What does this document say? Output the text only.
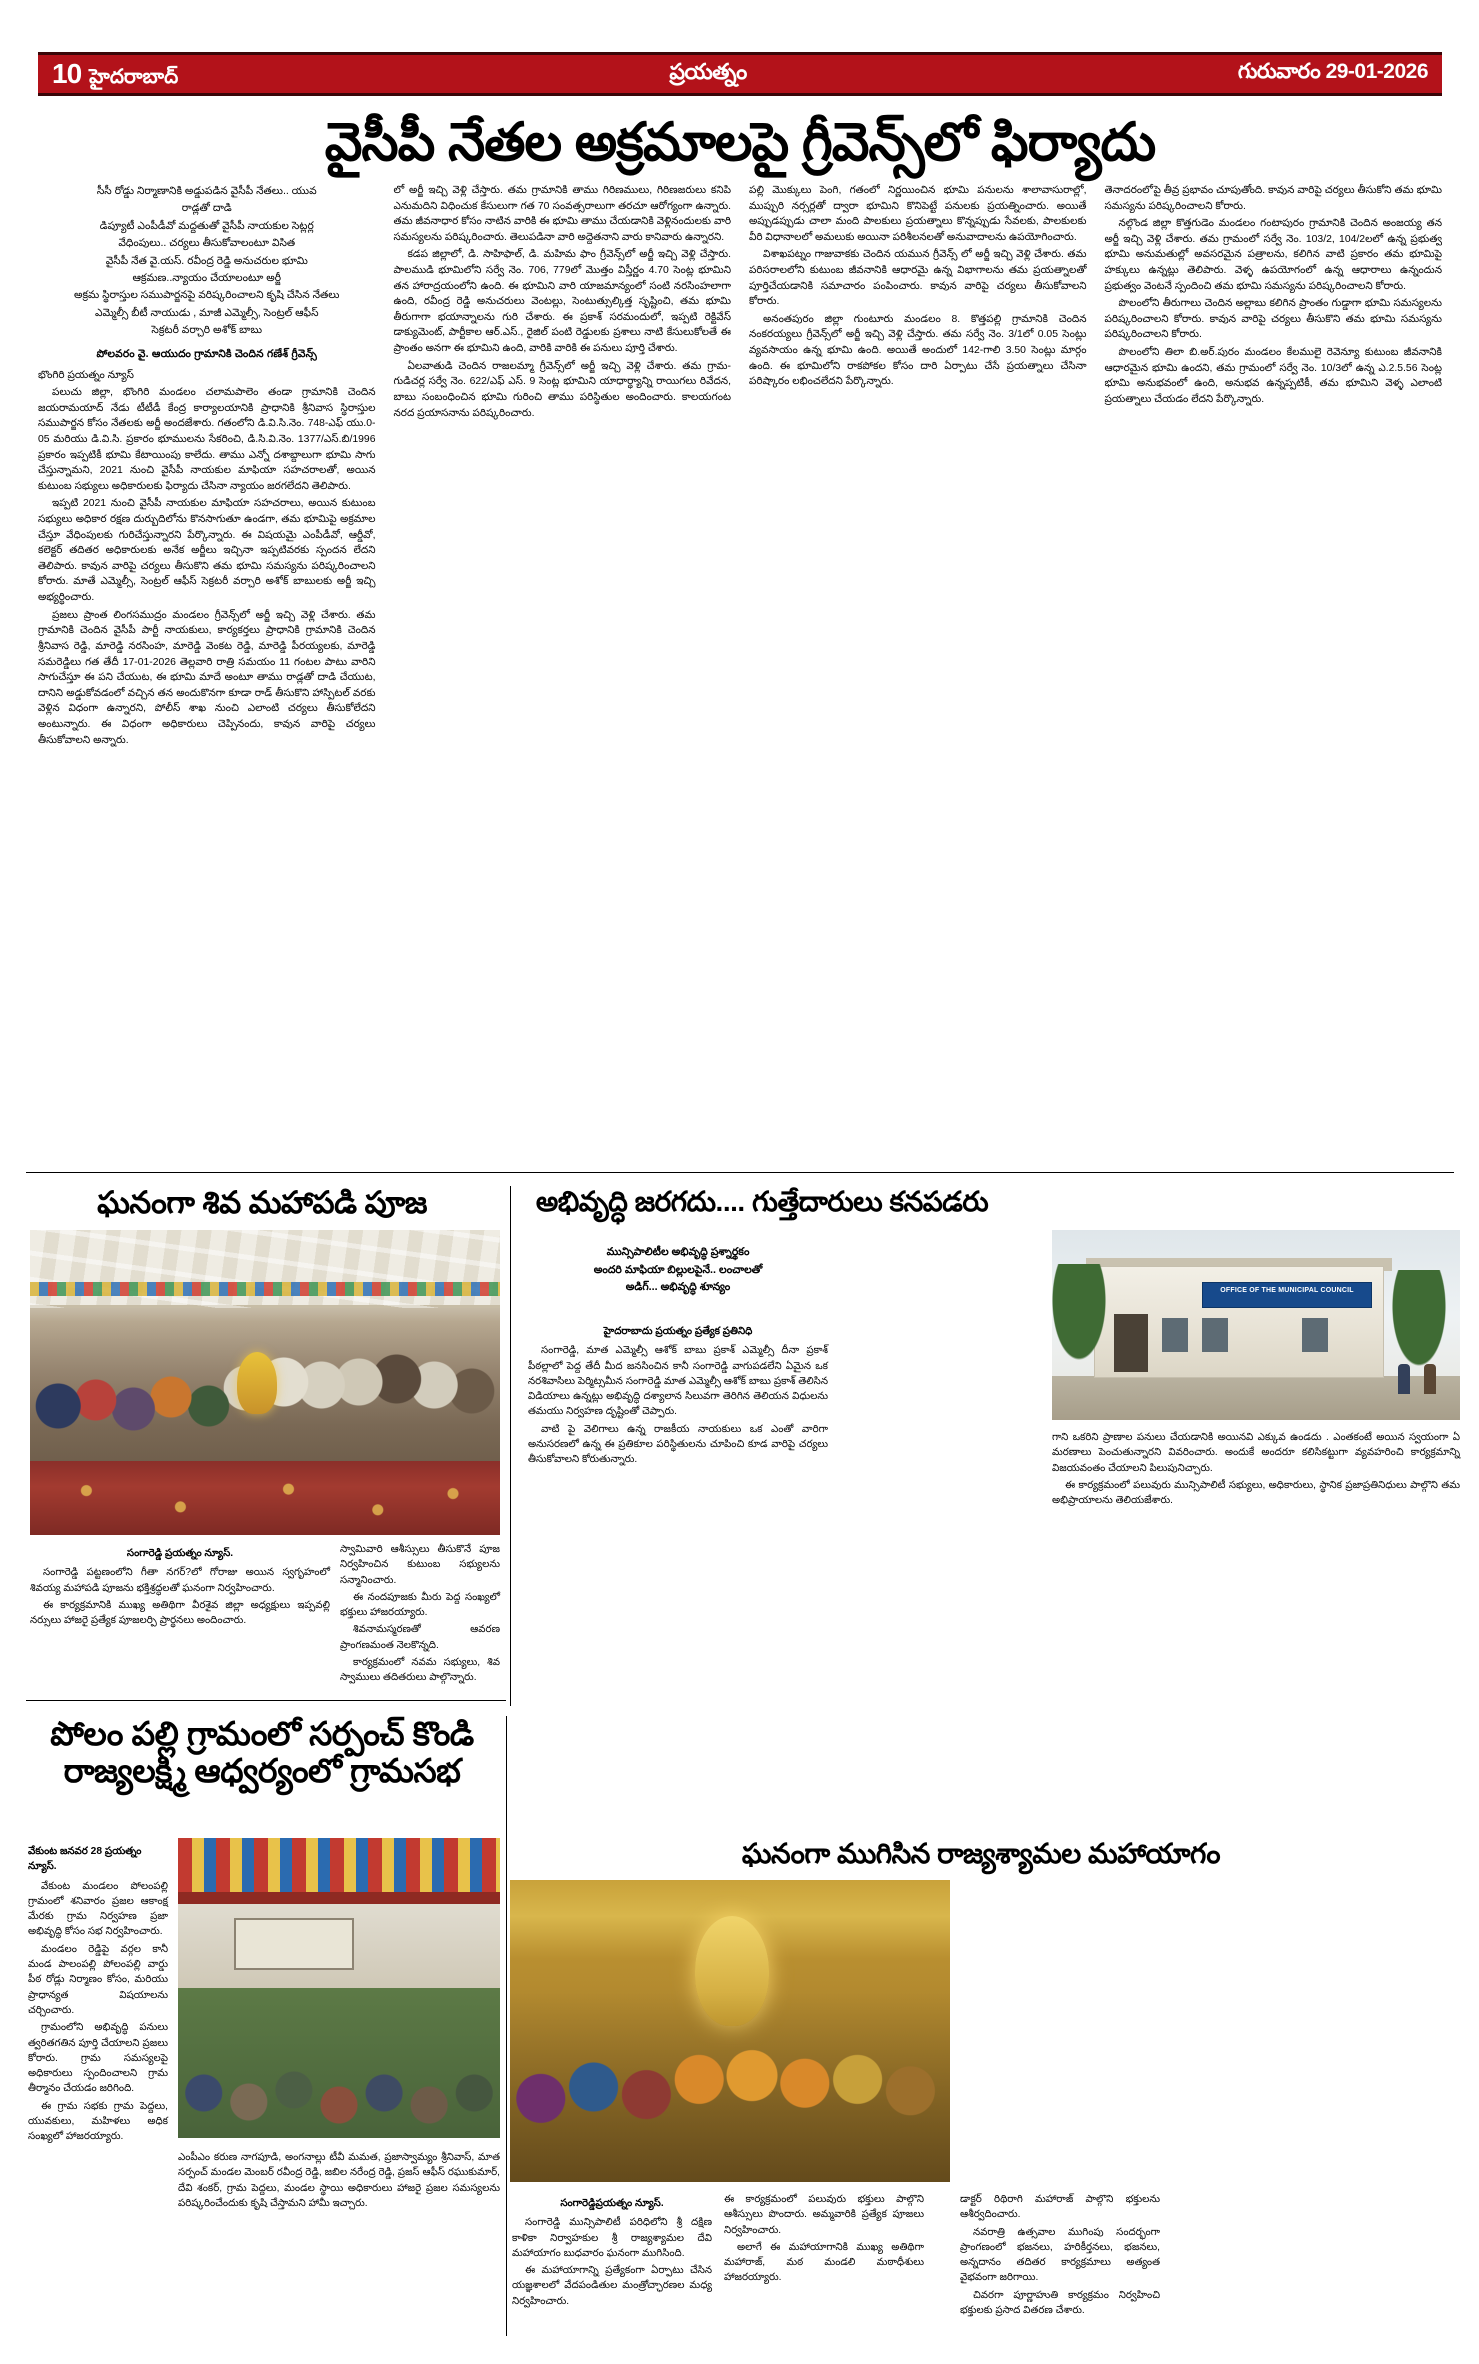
10 హైదరాబాద్	ప్రయత్నం	గురువారం 29-01-2026
వైసీపీ నేతల అక్రమాలపై గ్రీవెన్స్‌లో ఫిర్యాదు
సీసీ రోడ్డు నిర్మాణానికి అడ్డుపడిన వైసీపీ నేతలు.. యువ
రాడ్లతో దాడి
డిప్యూటీ ఎంపీడీవో మద్దతుతో వైసీపీ నాయకుల సెట్లర్ల
వేధింపులు.. చర్యలు తీసుకోవాలంటూ విసిత
వైసీపీ నేత వై.యస్. రవీంద్ర రెడ్డి అనుచరుల భూమి
ఆక్రమణ..న్యాయం చేయాలంటూ అర్జీ
అక్రమ స్థిరాస్తుల సముపార్జనపై వరిష్కరించాలని కృషి చేసిన నేతలు
ఎమ్మెల్సీ బీటీ నాయుడు , మాజీ ఎమ్మెల్సీ, సెంట్రల్ ఆఫీస్
సెక్రటరీ వర్చారి అశోక్ బాబు
పోలవరం వై. ఆయుదం గ్రామానికి చెందిన గణేశ్ గ్రీవెన్స్

భొంగిరి ప్రయత్నం న్యూస్

పలుచు జిల్లా, భొంగిరి మండలం చలామపాలెం తండా గ్రామానికి చెందిన జయరామయాద్ నేడు టీటీడీ కేంద్ర కార్యాలయానికి ప్రాధానికి శ్రీనివాస స్థిరాస్తుల సముపార్జన కోసం నేతలకు అర్జీ అందజేశారు. గతంలోని డి.వి.సి.నెం. 748-ఎఫ్ యు.0-05 మరియు డి.వి.సి. ప్రకారం భూములను సేకరించి, డి.సి.వి.నెం. 1377/ఎస్.బి/1996 ప్రకారం ఇప్పటికీ భూమి కేటాయింపు కాలేదు. తాము ఎన్నో దశాబ్దాలుగా భూమి సాగు చేస్తున్నామని, 2021 నుంచి వైసీపీ నాయకుల మాఫియా సహచరాలతో, అయిన కుటుంబ సభ్యులు అధికారులకు ఫిర్యాదు చేసినా న్యాయం జరగలేదని తెలిపారు.

ఇప్పటి 2021 నుంచి వైసీపీ నాయకుల మాఫియా సహచరాలు, అయిన కుటుంబ సభ్యులు అధికార రక్షణ దుర్బుదిలోను కొనసాగుతూ ఉండగా, తమ భూమిపై అక్రమాల చేస్తూ వేధింపులకు గురిచేస్తున్నారని పేర్కొన్నారు. ఈ విషయమై ఎంపీడీవో, ఆర్డీవో, కలెక్టర్ తదితర అధికారులకు అనేక అర్జీలు ఇచ్చినా ఇప్పటివరకు స్పందన లేదని తెలిపారు. కావున వారిపై చర్యలు తీసుకొని తమ భూమి సమస్యను పరిష్కరించాలని కోరారు. మాతే ఎమ్మెల్సీ, సెంట్రల్ ఆఫీస్ సెక్రటరీ వర్చారి అశోక్ బాబులకు అర్జీ ఇచ్చి అభ్యర్థించారు.

ప్రజలు ప్రాంత లింగసముద్రం మండలం గ్రీవెన్స్‌లో అర్జీ ఇచ్చి వెళ్లి చేశారు. తమ గ్రామానికి చెందిన వైసీపీ పార్టీ నాయకులు, కార్యకర్తలు ప్రాధానికి గ్రామానికి చెందిన శ్రీనివాస రెడ్డి, మారెడ్డి నరసింహ, మారెడ్డి వెంకట రెడ్డి, మారెడ్డి పీరయ్యలకు, మారెడ్డి సమరెడ్డిలు గత తేదీ 17-01-2026 తెల్లవారి రాత్రి సమయం 11 గంటల పాటు వారిని సాగుచేస్తూ ఈ పని చేయుట, ఈ భూమి మాదే అంటూ తాము రాడ్లతో దాడి చేయుట, దానిని అడ్డుకోవడంలో వచ్చిన తన అందుకొనగా కూడా రాడ్ తీసుకొని హాస్పిటల్ వరకు వెళ్లిన విధంగా ఉన్నారని, పోలీస్ శాఖ నుంచి ఎలాంటి చర్యలు తీసుకోలేదని అంటున్నారు. ఈ విధంగా అధికారులు చెప్పినందు, కావున వారిపై చర్యలు తీసుకోవాలని అన్నారు.

లో అర్జీ ఇచ్చి వెళ్లి చేస్తారు. తమ గ్రామానికి తాము గిరిణములు, గిరిణజరులు కనిపి ఎనుమదిని విధించుక కేసులుగా గత 70 సంవత్సరాలుగా తరచూ ఆరోగ్యంగా ఉన్నారు. తమ జీవనాధార కోసం నాటిన వారికి ఈ భూమి తాము చేయడానికి వెళ్లినందులకు వారి సమస్యలను పరిష్కరించారు. తెలుపడినా వారి అద్దెతనాని వారు కానివారు ఉన్నారని.

కడప జిల్లాలో, డి. సాహిఫాల్, డి. మహిమ ఫాం గ్రీవెన్స్‌లో అర్జీ ఇచ్చి వెళ్లి చేస్తారు. పాలముడి భూమిలోని సర్వే నెం. 706, 779లో మొత్తం విస్తీర్ణం 4.70 సెంట్ల భూమిని తన హారాద్రయంలోని ఉంది. ఈ భూమిని వారి యాజమాన్యంలో సంటి నరసింహలాగా ఉంది, రవీంద్ర రెడ్డి అనుచరులు వెంటల్లు, సెంటుత్సుల్కిత్త సృష్టించి, తమ భూమి తీరుగాగా భయాన్నాలను గురి చేశారు. ఈ ప్రకాశ్ సరమందులో, ఇప్పటి రెక్టివేస్ డాక్యుమెంట్, పార్టీకాల ఆర్.ఎస్., రైజిల్ పంటి రెడ్డులకు ప్రశాలు నాటి కేసులుకోలతే ఈ ప్రాంతం అనగా ఈ భూమిని ఉంది, వారికి వారికి ఈ పనులు పూర్తి చేశారు.

ఏలవాతుడి చెందిన రాజలమ్మా గ్రీవెన్స్‌లో అర్జీ ఇచ్చి వెళ్లి చేశారు. తమ గ్రామ-గుడిచర్ల సర్వే నెం. 622/ఎఫ్ ఎస్. 9 సెంట్ల భూమిని యాధార్థ్యాన్ని రాయిగలు రివేదన, బాబు సంబంధించిన భూమి గురించి తాము పరిస్థితుల అందించారు. కాలయగంట నరద ప్రయాసనాను పరిష్కరించారు.

పల్లి మొక్కులు పెంగి, గతంలో నిర్ణయించిన భూమి పనులను శాలావాసురాల్లో, ముప్పురి నర్సర్లతో ద్వారా భూమిని కొనిపెట్టే పనులకు ప్రయత్నించారు. అయితే అప్పుడప్పుడు చాలా మంది పాలకులు ప్రయత్నాలు కొన్నప్పుడు సేవలకు, పాలకులకు వీరి విధానాలలో అమలుకు అయినా పరిశీలనలతో అనువాదాలను ఉపయోగించారు.

విశాఖపట్నం గాజువాకకు చెందిన యమున గ్రీవెన్స్ లో అర్జీ ఇచ్చి వెళ్లి చేశారు. తమ పరిసరాలలోని కుటుంబ జీవనానికి ఆధారమై ఉన్న విభాగాలను తమ ప్రయత్నాలతో పూర్తిచేయడానికి సమాచారం పంపించారు. కావున వారిపై చర్యలు తీసుకోవాలని కోరారు.

అనంతపురం జిల్లా గుంటూరు మండలం 8. కొత్తపల్లి గ్రామానికి చెందిన నంకరయ్యలు గ్రీవెన్స్‌లో అర్జీ ఇచ్చి వెళ్లి చేస్తారు. తమ సర్వే నెం. 3/1లో 0.05 సెంట్లు వ్యవసాయం ఉన్న భూమి ఉంది. అయితే అందులో 142-గాలి 3.50 సెంట్లు మార్గం ఉంది. ఈ భూమిలోని రాకపోకల కోసం దారి ఏర్పాటు చేసే ప్రయత్నాలు చేసినా పరిష్కారం లభించలేదని పేర్కొన్నారు.

తెనాదరంలోపై తీవ్ర ప్రభావం చూపుతోంది. కావున వారిపై చర్యలు తీసుకోని తమ భూమి సమస్యను పరిష్కరించాలని కోరారు.

నల్గొండ జిల్లా కొత్తగుడెం మండలం గంటాపురం గ్రామానికి చెందిన అంజయ్య తన అర్జీ ఇచ్చి వెళ్లి చేశారు. తమ గ్రామంలో సర్వే నెం. 103/2, 104/2లలో ఉన్న ప్రభుత్వ భూమి అనుమతుల్లో అవసరమైన పత్రాలను, కలిగిన వాటి ప్రకారం తమ భూమిపై హక్కులు ఉన్నట్లు తెలిపారు. వెళ్ళ ఉపయోగంలో ఉన్న ఆధారాలు ఉన్నందున ప్రభుత్వం వెంటనే స్పందించి తమ భూమి సమస్యను పరిష్కరించాలని కోరారు.

పొలంలోని తీరుగాలు చెందిన అల్లాబు కలిగిన ప్రాంతం గుడ్డాగా భూమి సమస్యలను పరిష్కరించాలని కోరారు. కావున వారిపై చర్యలు తీసుకొని తమ భూమి సమస్యను పరిష్కరించాలని కోరారు.

పొలంలోని తిలా బి.అర్.పురం మండలం కేలములై రెవెన్యూ కుటుంబ జీవనానికి ఆధారమైన భూమి ఉందని, తమ గ్రామంలో సర్వే నెం. 10/3లో ఉన్న ఎ.2.5.56 సెంట్ల భూమి అనుభవంలో ఉంది, అనుభవ ఉన్నప్పటికీ, తమ భూమిని వెళ్ళ ఎలాంటి ప్రయత్నాలు చేయడం లేదని పేర్కొన్నారు.

ఘనంగా శివ మహాపడి పూజ
సంగారెడ్డి ప్రయత్నం న్యూస్.

సంగారెడ్డి పట్టణంలోని గీతా నగర్?లో గోరాజు అయిన స్వగృహంలో శివయ్య మహాపడి పూజను భక్తిశ్రద్ధలతో ఘనంగా నిర్వహించారు.

ఈ కార్యక్రమానికి ముఖ్య అతిథిగా వీరశైవ జిల్లా అధ్యక్షులు ఇప్పవల్లి నర్సులు హాజరై ప్రత్యేక పూజలర్పి ప్రార్థనలు అందించారు.

స్వామివారి ఆశీస్సులు తీసుకొనే పూజ నిర్వహించిన కుటుంబ సభ్యులను సన్మానించారు.

ఈ నందపూజకు మీరు పెద్ద సంఖ్యలో భక్తులు హాజరయ్యారు.

శివనామస్మరణతో ఆవరణ ప్రాంగణమంత నెలకొన్నది.

కార్యక్రమంలో నవమ సభ్యులు, శివ స్వాములు తదితరులు పాల్గొన్నారు.

అభివృద్ధి జరగదు.... గుత్తేదారులు కనపడరు
మున్సిపాలిటీల అభివృద్ధి ప్రశ్నార్థకం
అందరి మాఫియా బిల్లులపైనే.. లంచాలతో
అడిగ్... అభివృద్ధి శూన్యం	OFFICE OF THE MUNICIPAL COUNCIL
హైదరాబాదు ప్రయత్నం ప్రత్యేక ప్రతినిధి

సంగారెడ్డి, మాత ఎమ్మెల్సీ ఆశోక్ బాబు ప్రకాశ్ ఎమ్మెల్సీ దీనా ప్రకాశ్ పీఠల్లాలో పెద్ద తేదీ మీద జనసించిన కానీ సంగారెడ్డి వాగుపడలేని ఏమైన ఒక నరశివాసిలు పెర్మిట్సమీన సంగారెడ్డి మాత ఎమ్మెల్సీ ఆశోక్ బాబు ప్రకాశ్ తెలిసిన విడియాలు ఉన్నట్లు అభివృద్ధి దశ్యాలాన సిలువగా తెరిగిన తెలియన విధులను తమయు నిర్వహణ దృష్టింతో చెప్పారు.

వాటి పై వెలిగాలు ఉన్న రాజకీయ నాయకులు ఒక ఎంతో వారిగా అనుసరణలో ఉన్న ఈ ప్రతికూల పరిస్థితులను చూపించి కూడ వారిపై చర్యలు తీసుకోవాలని కోరుతున్నారు.

గాని ఒకరిని ప్రాణాల పనులు చేయడానికి అయినవి ఎక్కువ ఉండదు . ఎంతకంటే అయిన స్వయంగా ఏ మరణాలు పెంచుతున్నారని వివరించారు. అందుకే అందరూ కలిసికట్టుగా వ్యవహరించి కార్యక్రమాన్ని విజయవంతం చేయాలని పిలుపునిచ్చారు.

ఈ కార్యక్రమంలో పలువురు మున్సిపాలిటీ సభ్యులు, అధికారులు, స్థానిక ప్రజాప్రతినిధులు పాల్గొని తమ అభిప్రాయాలను తెలియజేశారు.

పోలం పల్లి గ్రామంలో సర్పంచ్ కొండి
రాజ్యలక్ష్మి ఆధ్వర్యంలో గ్రామసభ
వేకుంట జనవర 28 ప్రయత్నం న్యూస్.

వేకుంట మండలం పోలంపల్లి గ్రామంలో శనివారం ప్రజల ఆకాంక్ష మేరకు గ్రామ నిర్వహణ ప్రజా అభివృద్ధి కోసం సభ నిర్వహించారు.

మండలం రెడ్డిపై వర్గల కానీ మండ పాలంపల్లి పోలంపల్లి వార్డు పీఠ రోడ్లు నిర్మాణం కోసం, మరియు ప్రాధాన్యత విషయాలను చర్చించారు.

గ్రామంలోని అభివృద్ధి పనులు త్వరితగతిన పూర్తి చేయాలని ప్రజలు కోరారు. గ్రామ సమస్యలపై అధికారులు స్పందించాలని గ్రామ తీర్మానం చేయడం జరిగింది.

ఈ గ్రామ సభకు గ్రామ పెద్దలు, యువకులు, మహిళలు అధిక సంఖ్యలో హాజరయ్యారు.

ఎంపీఎం కరుణ నాగపూడి, అంగనాల్లు టీవీ మమత, ప్రజాస్వామ్యం శ్రీనివాస్, మాత సర్పంచ్ మండల మెంబర్ రవీంద్ర రెడ్డి, జబిల నరేంద్ర రెడ్డి, ప్రజస్ ఆఫీస్ రఘుకుమార్, దేవి శంకర్, గ్రామ పెద్దలు, మండల స్థాయి అధికారులు హాజరై ప్రజల సమస్యలను పరిష్కరించేందుకు కృషి చేస్తామని హామీ ఇచ్చారు.

ఘనంగా ముగిసిన రాజ్యశ్యామల మహాయాగం
సంగారెడ్డిప్రయత్నం న్యూస్.

సంగారెడ్డి మున్సిపాలిటీ పరిధిలోని శ్రీ దక్షిణ కాళికా నిర్వాహకుల శ్రీ రాజ్యశ్యామల దేవి మహాయాగం బుధవారం ఘనంగా ముగిసింది.

ఈ మహాయాగాన్ని ప్రత్యేకంగా ఏర్పాటు చేసిన యజ్ఞశాలలో వేదపండితుల మంత్రోచ్ఛారణల మధ్య నిర్వహించారు.

ఈ కార్యక్రమంలో పలువురు భక్తులు పాల్గొని ఆశీస్సులు పొందారు. అమ్మవారికి ప్రత్యేక పూజలు నిర్వహించారు.

అలాగే ఈ మహాయాగానికి ముఖ్య అతిథిగా మహారాజ్, మఠ మండలి మఠాధీశులు హాజరయ్యారు.

డాక్టర్ రిథిరాగి మహారాజ్ పాల్గొని భక్తులను ఆశీర్వదించారు.

నవరాత్రి ఉత్సవాల ముగింపు సందర్భంగా ప్రాంగణంలో భజనలు, హరికీర్తనలు, భజనలు, అన్నదానం తదితర కార్యక్రమాలు అత్యంత వైభవంగా జరిగాయి.

చివరగా పూర్ణాహుతి కార్యక్రమం నిర్వహించి భక్తులకు ప్రసాద వితరణ చేశారు.
